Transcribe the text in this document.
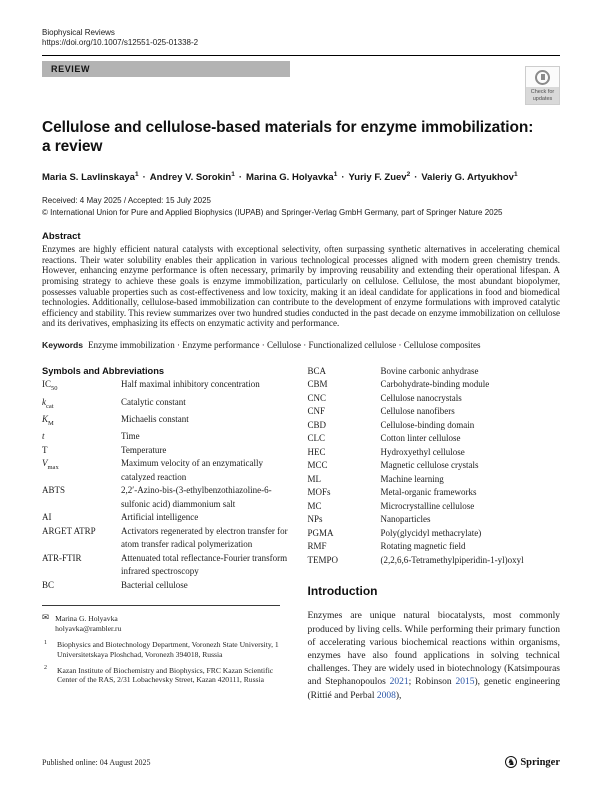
Biophysical Reviews
https://doi.org/10.1007/s12551-025-01338-2
REVIEW
Check for updates
Cellulose and cellulose-based materials for enzyme immobilization:
a review
Maria S. Lavlinskaya$^1$ · Andrey V. Sorokin$^1$ · Marina G. Holyavka$^1$ · Yuriy F. Zuev$^2$ · Valeriy G. Artyukhov$^1$
Received: 4 May 2025 / Accepted: 15 July 2025
© International Union for Pure and Applied Biophysics (IUPAB) and Springer-Verlag GmbH Germany, part of Springer Nature 2025
Abstract

Enzymes are highly efficient natural catalysts with exceptional selectivity, often surpassing synthetic alternatives in accelerating chemical reactions. Their water solubility enables their application in various technological processes aligned with modern green chemistry trends. However, enhancing enzyme performance is often necessary, primarily by improving reusability and extending their operational lifespan. A promising strategy to achieve these goals is enzyme immobilization, particularly on cellulose. Cellulose, the most abundant biopolymer, possesses valuable properties such as cost-effectiveness and low toxicity, making it an ideal candidate for applications in food and biomedical technologies. Additionally, cellulose-based immobilization can contribute to the development of enzyme formulations with improved catalytic efficiency and stability. This review summarizes over two hundred studies conducted in the past decade on enzyme immobilization on cellulose and its derivatives, emphasizing its effects on enzymatic activity and performance.

Keywords Enzyme immobilization · Enzyme performance · Cellulose · Functionalized cellulose · Cellulose composites
Symbols and Abbreviations
$IC_{50}$	Half maximal inhibitory concentration
$k_{cat}$	Catalytic constant
$K_M$	Michaelis constant
t	Time
T	Temperature
$V_{max}$	Maximum velocity of an enzymatically catalyzed reaction
ABTS	2,2′-Azino-bis-(3-ethylbenzothiazoline-6-sulfonic acid) diammonium salt
AI	Artificial intelligence
ARGET ATRP	Activators regenerated by electron transfer for atom transfer radical polymerization
ATR-FTIR	Attenuated total reflectance-Fourier transform infrared spectroscopy
BC	Bacterial cellulose
✉ Marina G. Holyavka
holyavka@rambler.ru
1	Biophysics and Biotechnology Department, Voronezh State University, 1 Universitetskaya Ploshchad, Voronezh 394018, Russia
2	Kazan Institute of Biochemistry and Biophysics, FRC Kazan Scientific Center of the RAS, 2/31 Lobachevsky Street, Kazan 420111, Russia
BCA	Bovine carbonic anhydrase
CBM	Carbohydrate-binding module
CNC	Cellulose nanocrystals
CNF	Cellulose nanofibers
CBD	Cellulose-binding domain
CLC	Cotton linter cellulose
HEC	Hydroxyethyl cellulose
MCC	Magnetic cellulose crystals
ML	Machine learning
MOFs	Metal-organic frameworks
MC	Microcrystalline cellulose
NPs	Nanoparticles
PGMA	Poly(glycidyl methacrylate)
RMF	Rotating magnetic field
TEMPO	(2,2,6,6-Tetramethylpiperidin-1-yl)oxyl
Introduction

Enzymes are unique natural biocatalysts, most commonly produced by living cells. While performing their primary function of accelerating various biochemical reactions within organisms, enzymes have also found applications in solving technical challenges. They are widely used in biotechnology (Katsimpouras and Stephanopoulos 2021; Robinson 2015), genetic engineering (Rittié and Perbal 2008),

Published online: 04 August 2025	♞ Springer
